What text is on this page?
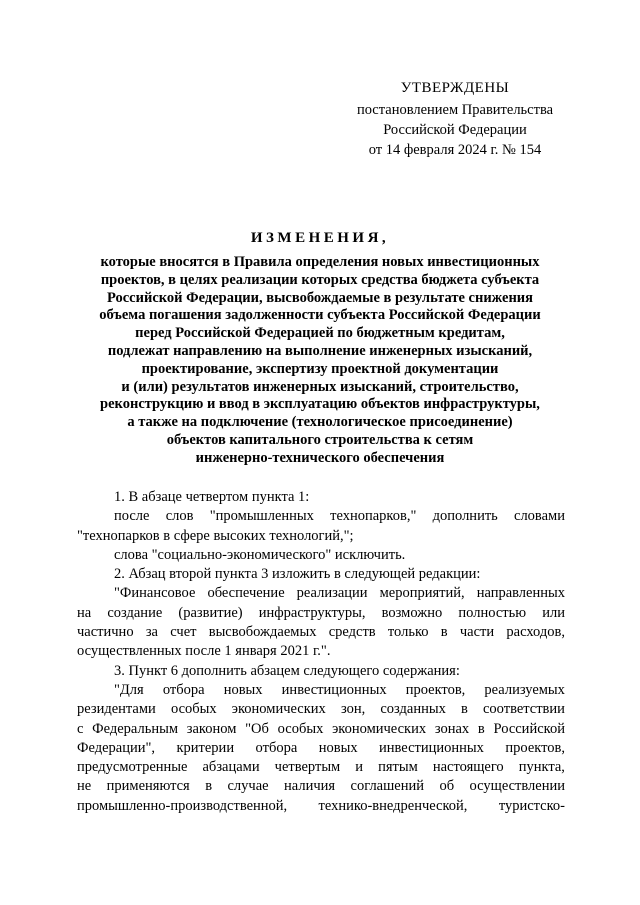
УТВЕРЖДЕНЫ
постановлением Правительства
Российской Федерации
от 14 февраля 2024 г. № 154
ИЗМЕНЕНИЯ,
которые вносятся в Правила определения новых инвестиционных
проектов, в целях реализации которых средства бюджета субъекта
Российской Федерации, высвобождаемые в результате снижения
объема погашения задолженности субъекта Российской Федерации
перед Российской Федерацией по бюджетным кредитам,
подлежат направлению на выполнение инженерных изысканий,
проектирование, экспертизу проектной документации
и (или) результатов инженерных изысканий, строительство,
реконструкцию и ввод в эксплуатацию объектов инфраструктуры,
а также на подключение (технологическое присоединение)
объектов капитального строительства к сетям
инженерно-технического обеспечения
1. В абзаце четвертом пункта 1:
после слов "промышленных технопарков," дополнить словами
"технопарков в сфере высоких технологий,";
слова "социально-экономического" исключить.
2. Абзац второй пункта 3 изложить в следующей редакции:
"Финансовое обеспечение реализации мероприятий, направленных
на создание (развитие) инфраструктуры, возможно полностью или
частично за счет высвобождаемых средств только в части расходов,
осуществленных после 1 января 2021 г.".
3. Пункт 6 дополнить абзацем следующего содержания:
"Для отбора новых инвестиционных проектов, реализуемых
резидентами особых экономических зон, созданных в соответствии
с Федеральным законом "Об особых экономических зонах в Российской
Федерации", критерии отбора новых инвестиционных проектов,
предусмотренные абзацами четвертым и пятым настоящего пункта,
не применяются в случае наличия соглашений об осуществлении
промышленно-производственной, технико-внедренческой, туристско-
